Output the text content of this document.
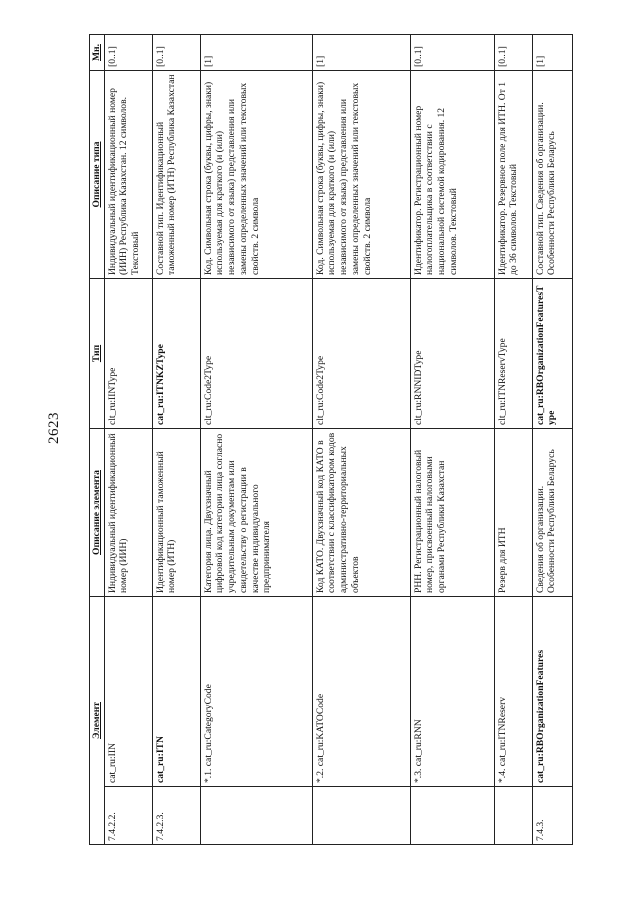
2623
Элемент		Описание элемента	Тип	Описание типа	Мн.
7.4.2.2.	cat_ru:IIN	Индивидуальный идентификационный номер (ИИН)	clt_ru:IINType	Индивидуальный идентификационный номер (ИИН) Республика Казахстан. 12 символов. Текстовый	[0..1]
7.4.2.3.	cat_ru:ITN	Идентификационный таможенный номер (ИТН)	cat_ru:ITNKZType	Составной тип. Идентификационный таможенный номер (ИТН) Республика Казахстан	[0..1]
	*.1. cat_ru:CategoryCode	Категория лица. Двухзначный цифровой код категории лица согласно учредительным документам или свидетельству о регистрации в качестве индивидуального предпринимателя	clt_ru:Code2Type	Код. Символьная строка (буквы, цифры, знаки) используемая для краткого (и (или) независимого от языка) представления или замены определенных значений или текстовых свойств. 2 символа	[1]
	*.2. cat_ru:KATOCode	Код КАТО. Двухзначный код КАТО в соответствии с классификатором кодов административно-территориальных объектов	clt_ru:Code2Type	Код. Символьная строка (буквы, цифры, знаки) используемая для краткого (и (или) независимого от языка) представления или замены определенных значений или текстовых свойств. 2 символа	[1]
	*.3. cat_ru:RNN	РНН. Регистрационный налоговый номер, присвоенный налоговыми органами Республики Казахстан	clt_ru:RNNIDType	Идентификатор. Регистрационный номер налогоплательщика в соответствии с национальной системой кодирования. 12 символов. Текстовый	[0..1]
	*.4. cat_ru:ITNReserv	Резерв для ИТН	clt_ru:ITNReservType	Идентификатор. Резервное поле для ИТН. От 1 до 36 символов. Текстовый	[0..1]
7.4.3.	cat_ru:RBOrganizationFeatures	Сведения об организации. Особенности Республики Беларусь	cat_ru:RBOrganizationFeaturesType	Составной тип. Сведения об организации. Особенности Республики Беларусь	[1]
